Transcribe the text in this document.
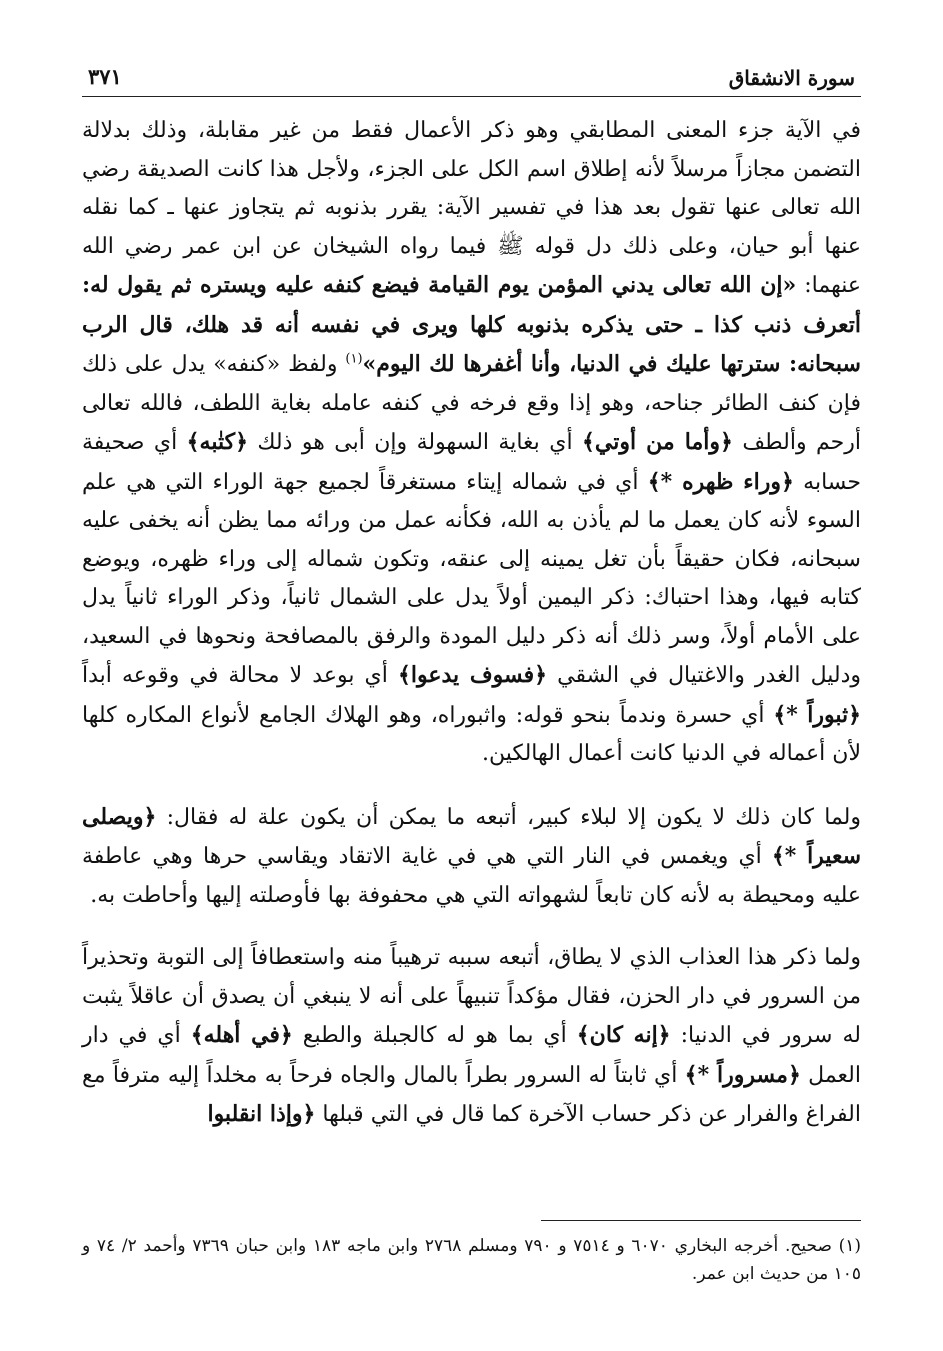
سورة الانشقاق
٣٧١

في الآية جزء المعنى المطابقي وهو ذكر الأعمال فقط من غير مقابلة، وذلك بدلالة التضمن مجازاً مرسلاً لأنه إطلاق اسم الكل على الجزء، ولأجل هذا كانت الصديقة رضي الله تعالى عنها تقول بعد هذا في تفسير الآية: يقرر بذنوبه ثم يتجاوز عنها ـ كما نقله عنها أبو حيان، وعلى ذلك دل قوله ﷺ فيما رواه الشيخان عن ابن عمر رضي الله عنهما: «إن الله تعالى يدني المؤمن يوم القيامة فيضع كنفه عليه ويستره ثم يقول له: أتعرف ذنب كذا ـ حتى يذكره بذنوبه كلها ويرى في نفسه أنه قد هلك، قال الرب سبحانه: سترتها عليك في الدنيا، وأنا أغفرها لك اليوم»$^{(١)}$ ولفظ «كنفه» يدل على ذلك فإن كنف الطائر جناحه، وهو إذا وقع فرخه في كنفه عامله بغاية اللطف، فالله تعالى أرحم وألطف ﴿وأما من أوتي﴾ أي بغاية السهولة وإن أبى هو ذلك ﴿كتٰبه﴾ أي صحيفة حسابه ﴿وراء ظهره *﴾ أي في شماله إيتاء مستغرقاً لجميع جهة الوراء التي هي علم السوء لأنه كان يعمل ما لم يأذن به الله، فكأنه عمل من ورائه مما يظن أنه يخفى عليه سبحانه، فكان حقيقاً بأن تغل يمينه إلى عنقه، وتكون شماله إلى وراء ظهره، ويوضع كتابه فيها، وهذا احتباك: ذكر اليمين أولاً يدل على الشمال ثانياً، وذكر الوراء ثانياً يدل على الأمام أولاً، وسر ذلك أنه ذكر دليل المودة والرفق بالمصافحة ونحوها في السعيد، ودليل الغدر والاغتيال في الشقي ﴿فسوف يدعوا﴾ أي بوعد لا محالة في وقوعه أبداً ﴿ثبوراً *﴾ أي حسرة وندماً بنحو قوله: واثبوراه، وهو الهلاك الجامع لأنواع المكاره كلها لأن أعماله في الدنيا كانت أعمال الهالكين.

ولما كان ذلك لا يكون إلا لبلاء كبير، أتبعه ما يمكن أن يكون علة له فقال: ﴿ويصلى سعيراً *﴾ أي ويغمس في النار التي هي في غاية الاتقاد ويقاسي حرها وهي عاطفة عليه ومحيطة به لأنه كان تابعاً لشهواته التي هي محفوفة بها فأوصلته إليها وأحاطت به.

ولما ذكر هذا العذاب الذي لا يطاق، أتبعه سببه ترهيباً منه واستعطافاً إلى التوبة وتحذيراً من السرور في دار الحزن، فقال مؤكداً تنبيهاً على أنه لا ينبغي أن يصدق أن عاقلاً يثبت له سرور في الدنيا: ﴿إنه كان﴾ أي بما هو له كالجبلة والطبع ﴿في أهله﴾ أي في دار العمل ﴿مسروراً *﴾ أي ثابتاً له السرور بطراً بالمال والجاه فرحاً به مخلداً إليه مترفاً مع الفراغ والفرار عن ذكر حساب الآخرة كما قال في التي قبلها ﴿وإذا انقلبوا

(١) صحيح. أخرجه البخاري ٦٠٧٠ و ٧٥١٤ و ٧٩٠ ومسلم ٢٧٦٨ وابن ماجه ١٨٣ وابن حبان ٧٣٦٩ وأحمد ٢/ ٧٤ و ١٠٥ من حديث ابن عمر.
